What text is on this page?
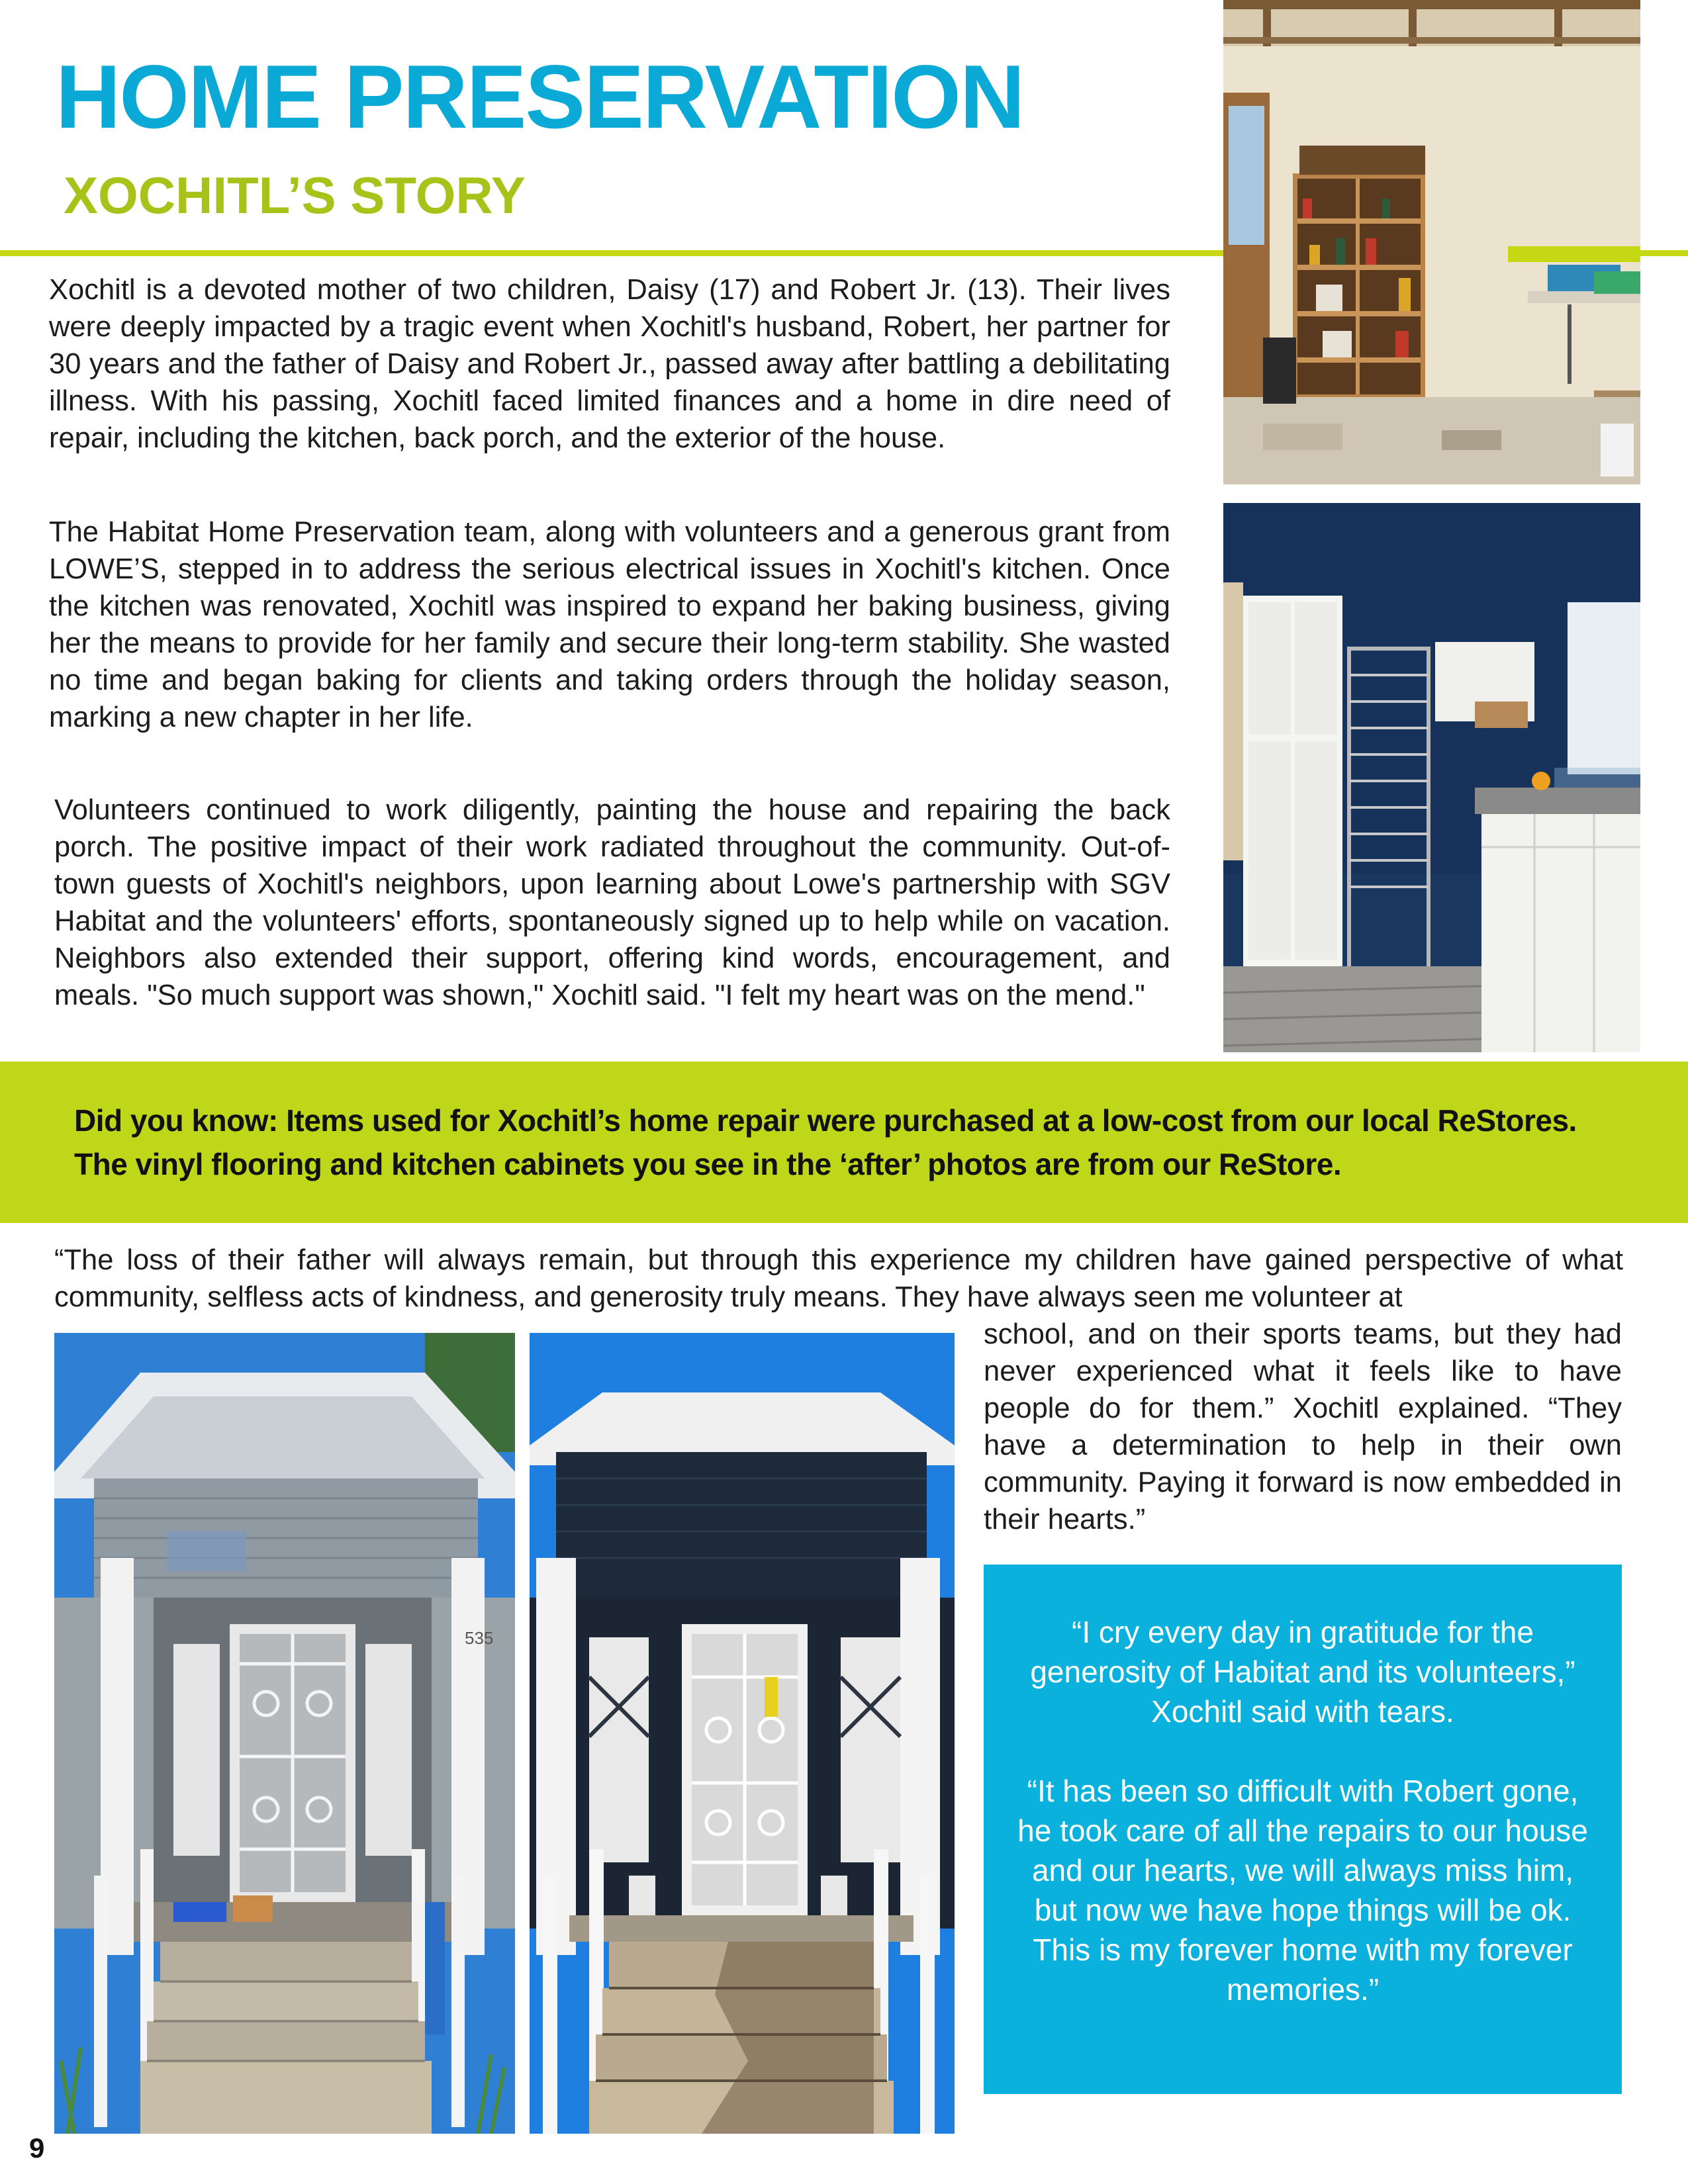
HOME PRESERVATION
XOCHITL’S STORY

Xochitl is a devoted mother of two children, Daisy (17) and Robert Jr. (13). Their lives were deeply impacted by a tragic event when Xochitl's husband, Robert, her partner for 30 years and the father of Daisy and Robert Jr., passed away after battling a debilitating illness. With his passing, Xochitl faced limited finances and a home in dire need of repair, including the kitchen, back porch, and the exterior of the house.

The Habitat Home Preservation team, along with volunteers and a generous grant from LOWE’S, stepped in to address the serious electrical issues in Xochitl's kitchen. Once the kitchen was renovated, Xochitl was inspired to expand her baking business, giving her the means to provide for her family and secure their long-term stability. She wasted no time and began baking for clients and taking orders through the holiday season, marking a new chapter in her life.

Volunteers continued to work diligently, painting the house and repairing the back porch. The positive impact of their work radiated throughout the community. Out-of-town guests of Xochitl's neighbors, upon learning about Lowe's partnership with SGV Habitat and the volunteers' efforts, spontaneously signed up to help while on vacation. Neighbors also extended their support, offering kind words, encouragement, and meals. "So much support was shown," Xochitl said. "I felt my heart was on the mend."

Did you know: Items used for Xochitl’s home repair were purchased at a low-cost from our local ReStores. The vinyl flooring and kitchen cabinets you see in the ‘after’ photos are from our ReStore.
“The loss of their father will always remain, but through this experience my children have gained perspective of what community, selfless acts of kindness, and generosity truly means. They have always seen me volunteer at
school, and on their sports teams, but they had never experienced what it feels like to have people do for them.” Xochitl explained. “They have a determination to help in their own community. Paying it forward is now embedded in their hearts.”
535	“I cry every day in gratitude for the generosity of Habitat and its volunteers,” Xochitl said with tears.

“It has been so difficult with Robert gone, he took care of all the repairs to our house and our hearts, we will always miss him, but now we have hope things will be ok. This is my forever home with my forever memories.”

9
